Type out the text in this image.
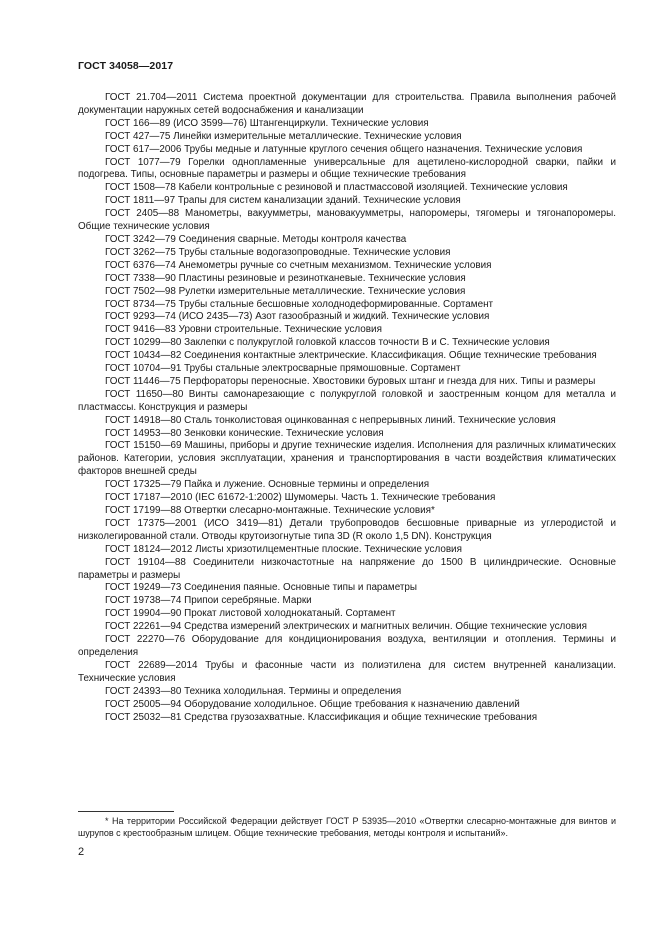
ГОСТ 34058—2017

ГОСТ 21.704—2011 Система проектной документации для строительства. Правила выполнения рабочей документации наружных сетей водоснабжения и канализации

ГОСТ 166—89 (ИСО 3599—76) Штангенциркули. Технические условия

ГОСТ 427—75 Линейки измерительные металлические. Технические условия

ГОСТ 617—2006 Трубы медные и латунные круглого сечения общего назначения. Технические условия

ГОСТ 1077—79 Горелки однопламенные универсальные для ацетилено-кислородной сварки, пайки и подогрева. Типы, основные параметры и размеры и общие технические требования

ГОСТ 1508—78 Кабели контрольные с резиновой и пластмассовой изоляцией. Технические условия

ГОСТ 1811—97 Трапы для систем канализации зданий. Технические условия

ГОСТ 2405—88 Манометры, вакуумметры, мановакуумметры, напоромеры, тягомеры и тягонапоромеры. Общие технические условия

ГОСТ 3242—79 Соединения сварные. Методы контроля качества

ГОСТ 3262—75 Трубы стальные водогазопроводные. Технические условия

ГОСТ 6376—74 Анемометры ручные со счетным механизмом. Технические условия

ГОСТ 7338—90 Пластины резиновые и резинотканевые. Технические условия

ГОСТ 7502—98 Рулетки измерительные металлические. Технические условия

ГОСТ 8734—75 Трубы стальные бесшовные холоднодеформированные. Сортамент

ГОСТ 9293—74 (ИСО 2435—73) Азот газообразный и жидкий. Технические условия

ГОСТ 9416—83 Уровни строительные. Технические условия

ГОСТ 10299—80 Заклепки с полукруглой головкой классов точности В и С. Технические условия

ГОСТ 10434—82 Соединения контактные электрические. Классификация. Общие технические требования

ГОСТ 10704—91 Трубы стальные электросварные прямошовные. Сортамент

ГОСТ 11446—75 Перфораторы переносные. Хвостовики буровых штанг и гнезда для них. Типы и размеры

ГОСТ 11650—80 Винты самонарезающие с полукруглой головкой и заостренным концом для металла и пластмассы. Конструкция и размеры

ГОСТ 14918—80 Сталь тонколистовая оцинкованная с непрерывных линий. Технические условия

ГОСТ 14953—80 Зенковки конические. Технические условия

ГОСТ 15150—69 Машины, приборы и другие технические изделия. Исполнения для различных климатических районов. Категории, условия эксплуатации, хранения и транспортирования в части воздействия климатических факторов внешней среды

ГОСТ 17325—79 Пайка и лужение. Основные термины и определения

ГОСТ 17187—2010 (IEC 61672-1:2002) Шумомеры. Часть 1. Технические требования

ГОСТ 17199—88 Отвертки слесарно-монтажные. Технические условия*

ГОСТ 17375—2001 (ИСО 3419—81) Детали трубопроводов бесшовные приварные из углеродистой и низколегированной стали. Отводы крутоизогнутые типа 3D (R около 1,5 DN). Конструкция

ГОСТ 18124—2012 Листы хризотилцементные плоские. Технические условия

ГОСТ 19104—88 Соединители низкочастотные на напряжение до 1500 В цилиндрические. Основные параметры и размеры

ГОСТ 19249—73 Соединения паяные. Основные типы и параметры

ГОСТ 19738—74 Припои серебряные. Марки

ГОСТ 19904—90 Прокат листовой холоднокатаный. Сортамент

ГОСТ 22261—94 Средства измерений электрических и магнитных величин. Общие технические условия

ГОСТ 22270—76 Оборудование для кондиционирования воздуха, вентиляции и отопления. Термины и определения

ГОСТ 22689—2014 Трубы и фасонные части из полиэтилена для систем внутренней канализации. Технические условия

ГОСТ 24393—80 Техника холодильная. Термины и определения

ГОСТ 25005—94 Оборудование холодильное. Общие требования к назначению давлений

ГОСТ 25032—81 Средства грузозахватные. Классификация и общие технические требования

* На территории Российской Федерации действует ГОСТ Р 53935—2010 «Отвертки слесарно-монтажные для винтов и шурупов с крестообразным шлицем. Общие технические требования, методы контроля и испытаний».
2
